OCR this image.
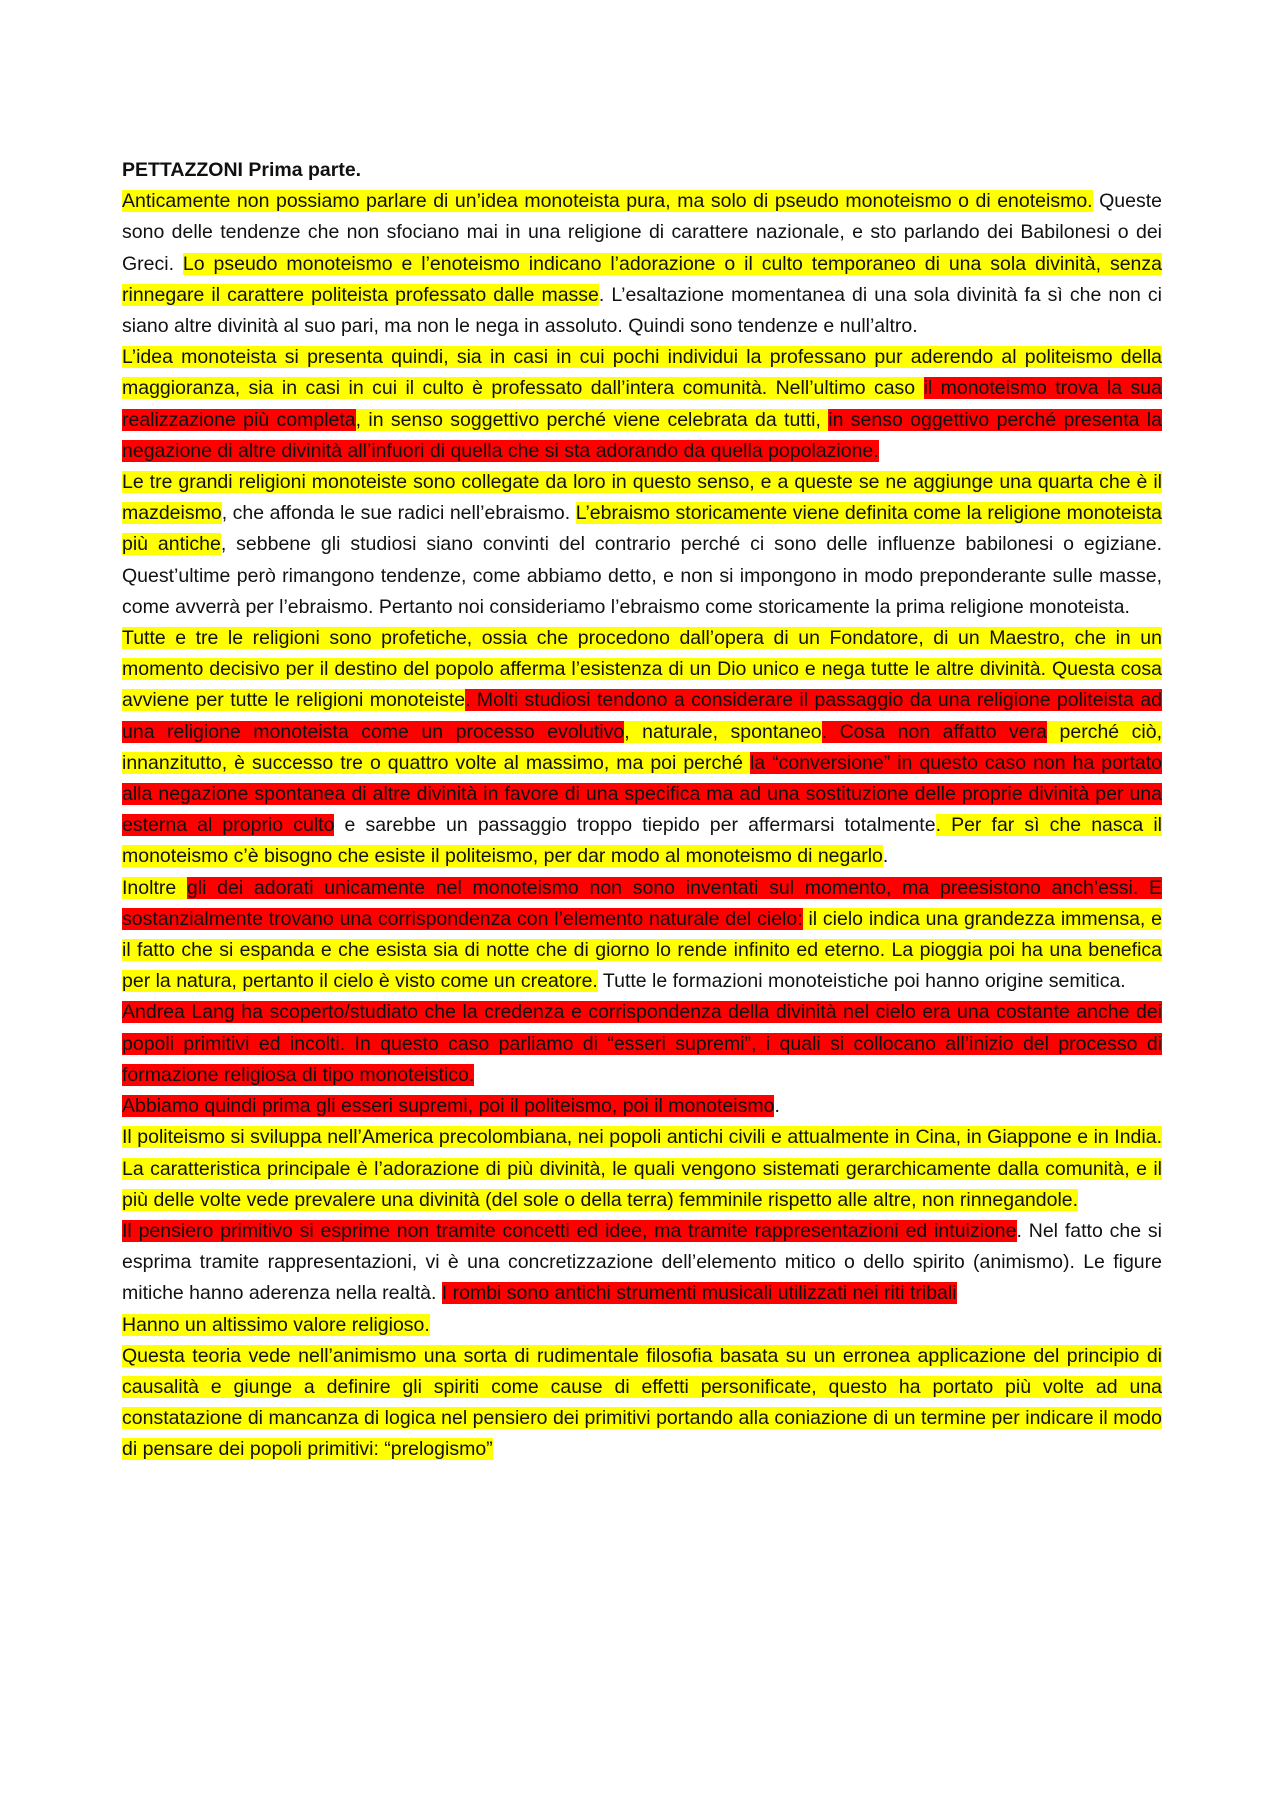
PETTAZZONI Prima parte.

Anticamente non possiamo parlare di un’idea monoteista pura, ma solo di pseudo monoteismo o di enoteismo. Queste sono delle tendenze che non sfociano mai in una religione di carattere nazionale, e sto parlando dei Babilonesi o dei Greci. Lo pseudo monoteismo e l’enoteismo indicano l’adorazione o il culto temporaneo di una sola divinità, senza rinnegare il carattere politeista professato dalle masse. L’esaltazione momentanea di una sola divinità fa sì che non ci siano altre divinità al suo pari, ma non le nega in assoluto. Quindi sono tendenze e null’altro.

L’idea monoteista si presenta quindi, sia in casi in cui pochi individui la professano pur aderendo al politeismo della maggioranza, sia in casi in cui il culto è professato dall’intera comunità. Nell’ultimo caso il monoteismo trova la sua realizzazione più completa, in senso soggettivo perché viene celebrata da tutti, in senso oggettivo perché presenta la negazione di altre divinità all’infuori di quella che si sta adorando da quella popolazione.

Le tre grandi religioni monoteiste sono collegate da loro in questo senso, e a queste se ne aggiunge una quarta che è il mazdeismo, che affonda le sue radici nell’ebraismo. L’ebraismo storicamente viene definita come la religione monoteista più antiche, sebbene gli studiosi siano convinti del contrario perché ci sono delle influenze babilonesi o egiziane. Quest’ultime però rimangono tendenze, come abbiamo detto, e non si impongono in modo preponderante sulle masse, come avverrà per l’ebraismo. Pertanto noi consideriamo l’ebraismo come storicamente la prima religione monoteista.

Tutte e tre le religioni sono profetiche, ossia che procedono dall’opera di un Fondatore, di un Maestro, che in un momento decisivo per il destino del popolo afferma l’esistenza di un Dio unico e nega tutte le altre divinità. Questa cosa avviene per tutte le religioni monoteiste. Molti studiosi tendono a considerare il passaggio da una religione politeista ad una religione monoteista come un processo evolutivo, naturale, spontaneo. Cosa non affatto vera perché ciò, innanzitutto, è successo tre o quattro volte al massimo, ma poi perché la “conversione” in questo caso non ha portato alla negazione spontanea di altre divinità in favore di una specifica ma ad una sostituzione delle proprie divinità per una esterna al proprio culto e sarebbe un passaggio troppo tiepido per affermarsi totalmente. Per far sì che nasca il monoteismo c’è bisogno che esiste il politeismo, per dar modo al monoteismo di negarlo.

Inoltre gli dei adorati unicamente nel monoteismo non sono inventati sul momento, ma preesistono anch’essi. E sostanzialmente trovano una corrispondenza con l’elemento naturale del cielo: il cielo indica una grandezza immensa, e il fatto che si espanda e che esista sia di notte che di giorno lo rende infinito ed eterno. La pioggia poi ha una benefica per la natura, pertanto il cielo è visto come un creatore. Tutte le formazioni monoteistiche poi hanno origine semitica.

Andrea Lang ha scoperto/studiato che la credenza e corrispondenza della divinità nel cielo era una costante anche dei popoli primitivi ed incolti. In questo caso parliamo di “esseri supremi”, i quali si collocano all’inizio del processo di formazione religiosa di tipo monoteistico.

Abbiamo quindi prima gli esseri supremi, poi il politeismo, poi il monoteismo.

Il politeismo si sviluppa nell’America precolombiana, nei popoli antichi civili e attualmente in Cina, in Giappone e in India. La caratteristica principale è l’adorazione di più divinità, le quali vengono sistemati gerarchicamente dalla comunità, e il più delle volte vede prevalere una divinità (del sole o della terra) femminile rispetto alle altre, non rinnegandole.

Il pensiero primitivo si esprime non tramite concetti ed idee, ma tramite rappresentazioni ed intuizione. Nel fatto che si esprima tramite rappresentazioni, vi è una concretizzazione dell’elemento mitico o dello spirito (animismo). Le figure mitiche hanno aderenza nella realtà. I rombi sono antichi strumenti musicali utilizzati nei riti tribali

Hanno un altissimo valore religioso.

Questa teoria vede nell’animismo una sorta di rudimentale filosofia basata su un erronea applicazione del principio di causalità e giunge a definire gli spiriti come cause di effetti personificate, questo ha portato più volte ad una constatazione di mancanza di logica nel pensiero dei primitivi portando alla coniazione di un termine per indicare il modo di pensare dei popoli primitivi: “prelogismo”
